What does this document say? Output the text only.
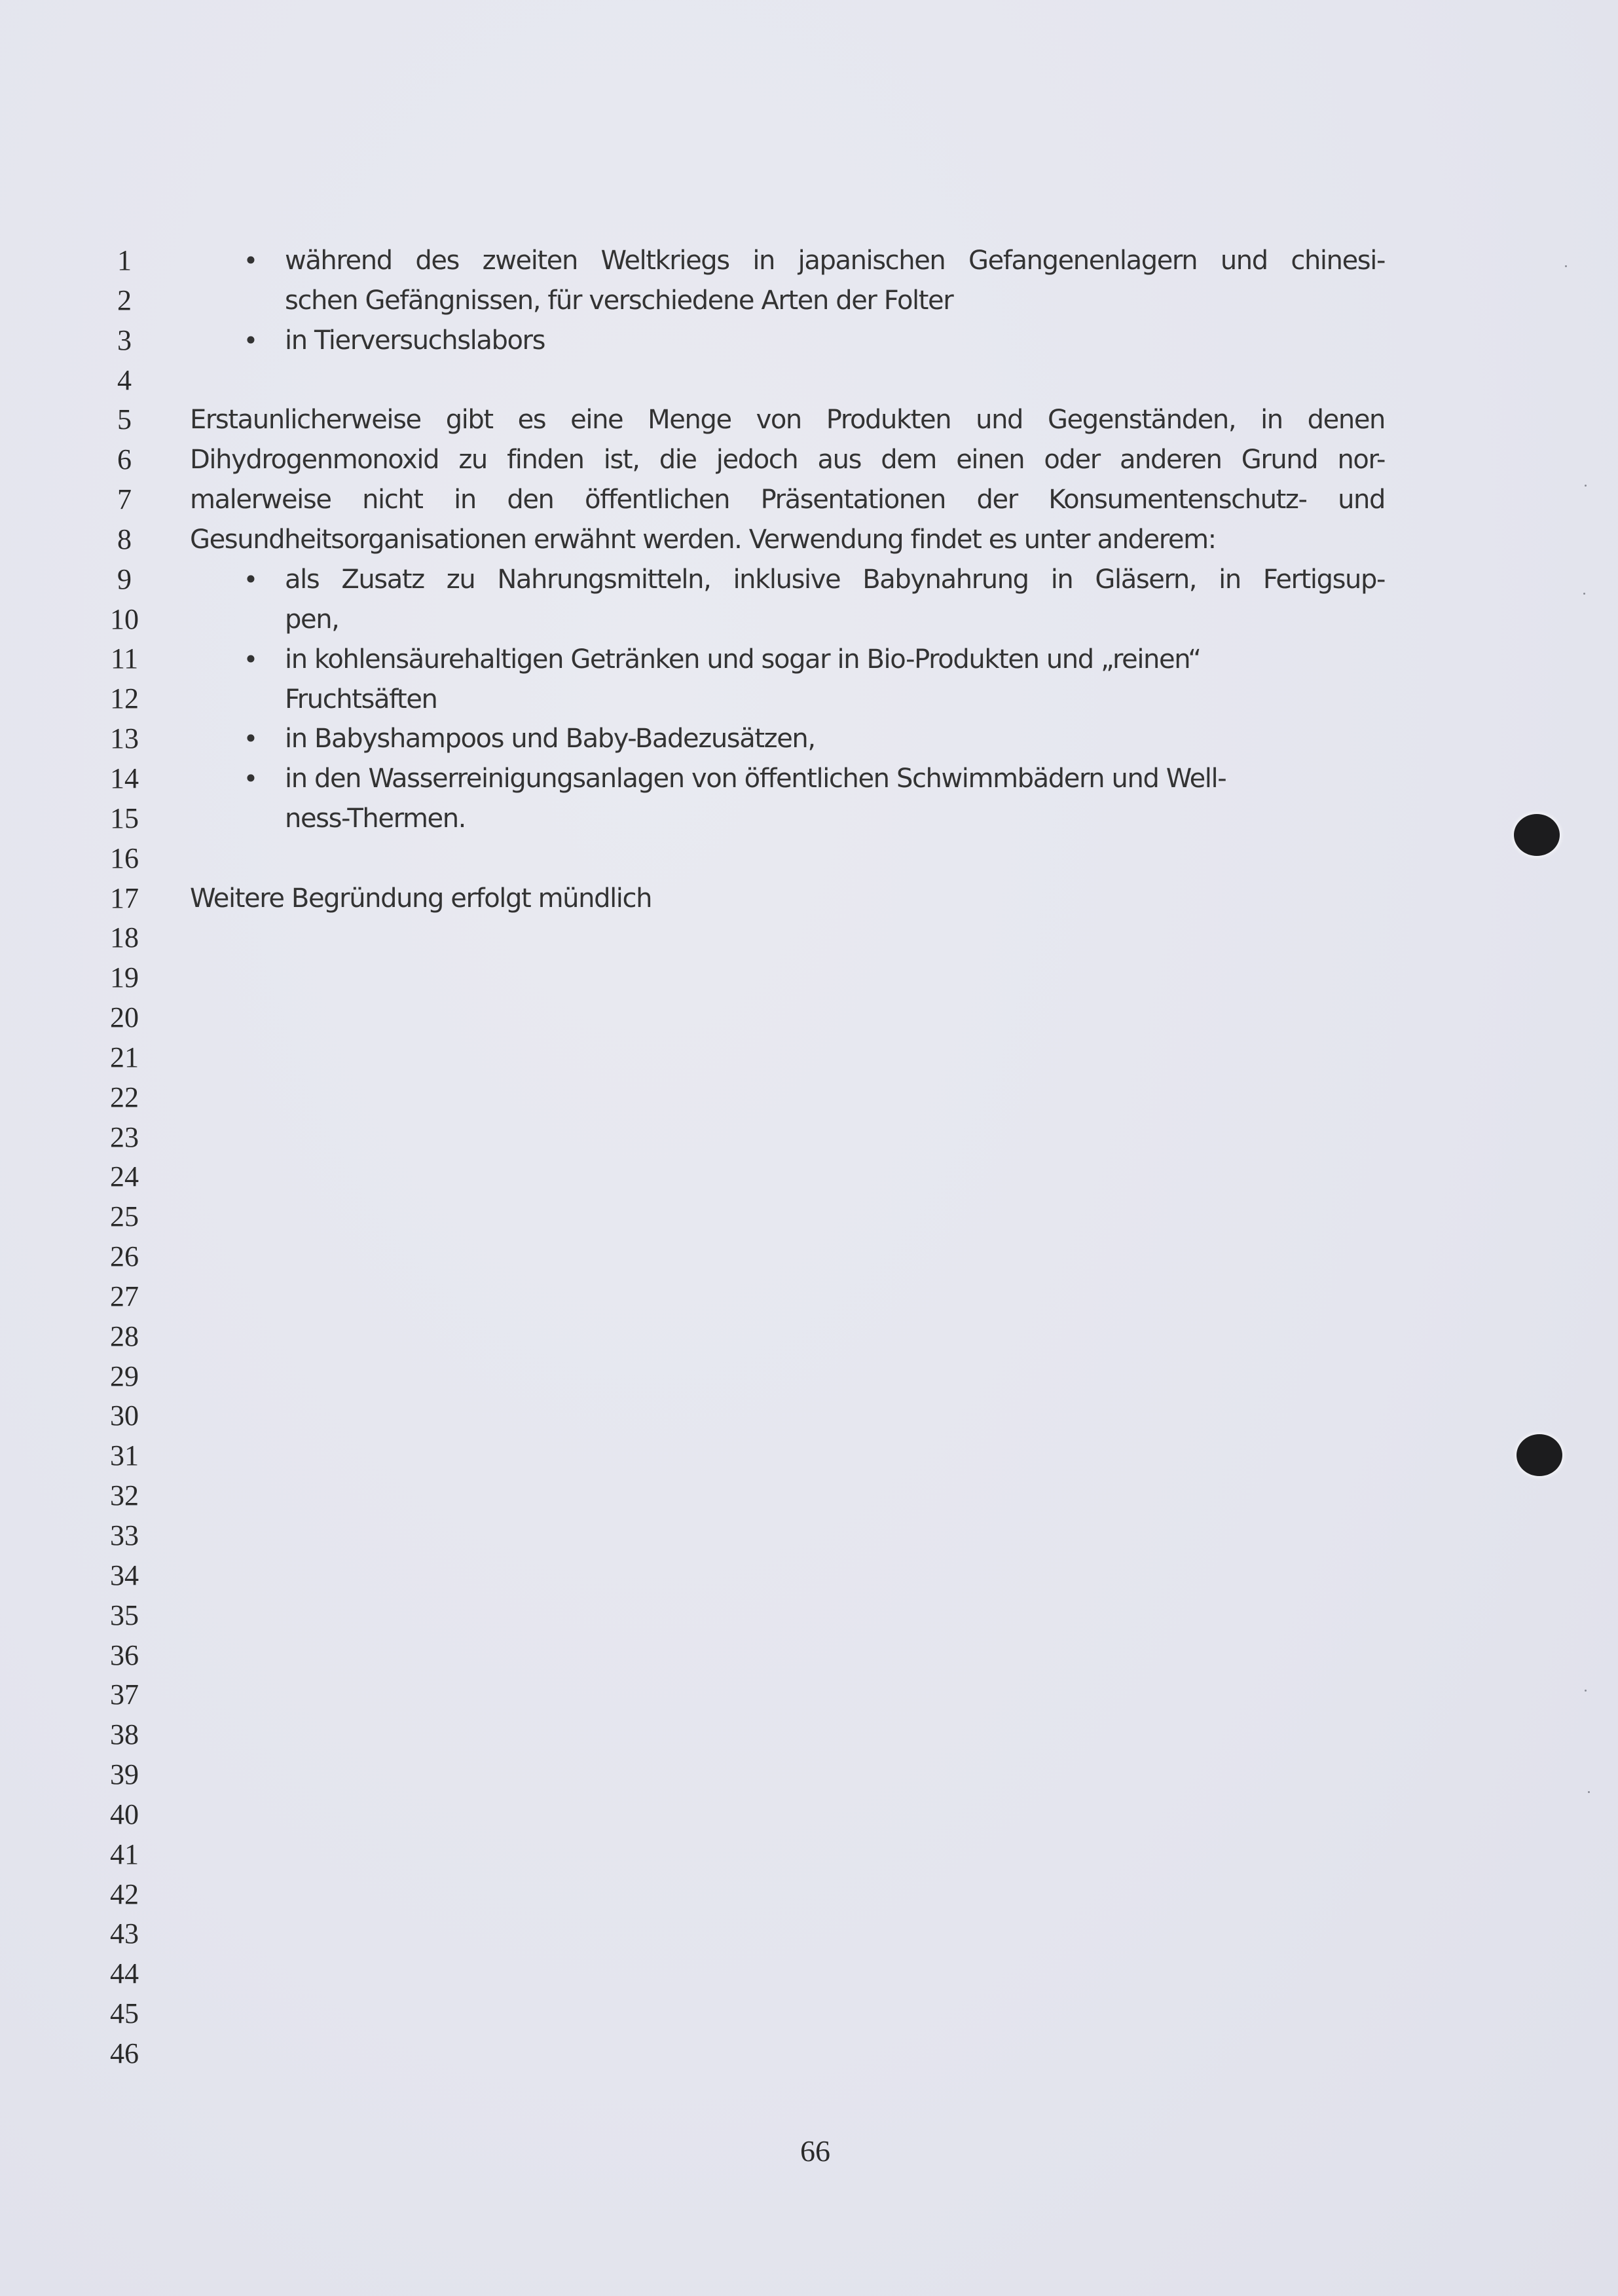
1
2
3
4
5
6
7
8
9
10
11
12
13
14
15
16
17
18
19
20
21
22
23
24
25
26
27
28
29
30
31
32
33
34
35
36
37
38
39
40
41
42
43
44
45
46
• während des zweiten Weltkriegs in japanischen Gefangenenlagern und chinesi-
schen Gefängnissen, für verschiedene Arten der Folter
• in Tierversuchslabors
Erstaunlicherweise gibt es eine Menge von Produkten und Gegenständen, in denen
Dihydrogenmonoxid zu finden ist, die jedoch aus dem einen oder anderen Grund nor-
malerweise nicht in den öffentlichen Präsentationen der Konsumentenschutz- und
Gesundheitsorganisationen erwähnt werden. Verwendung findet es unter anderem:
• als Zusatz zu Nahrungsmitteln, inklusive Babynahrung in Gläsern, in Fertigsup-
pen,
• in kohlensäurehaltigen Getränken und sogar in Bio-Produkten und „reinen“
Fruchtsäften
• in Babyshampoos und Baby-Badezusätzen,
• in den Wasserreinigungsanlagen von öffentlichen Schwimmbädern und Well-
ness-Thermen.
Weitere Begründung erfolgt mündlich
66
